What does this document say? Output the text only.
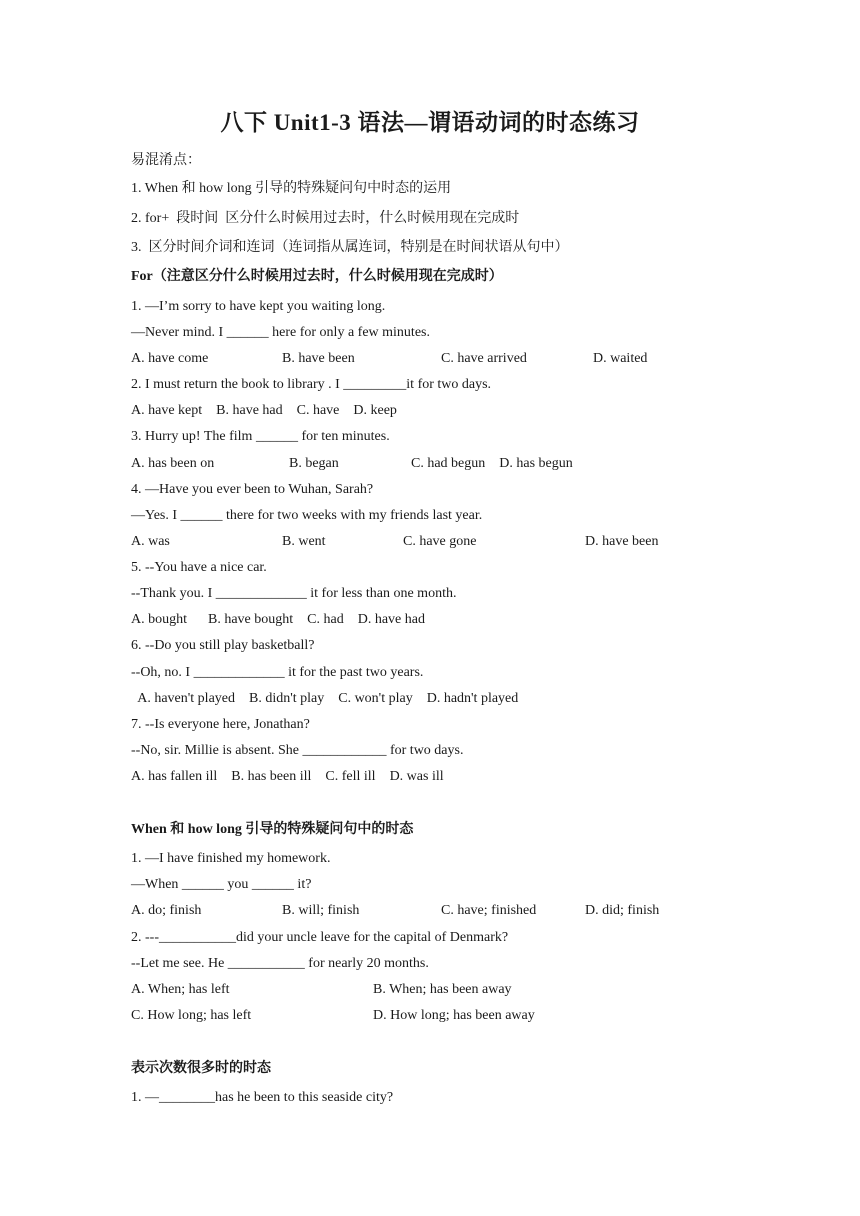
八下 Unit1-3 语法—谓语动词的时态练习
易混淆点：
1. When 和 how long 引导的特殊疑问句中时态的运用
2. for+  段时间  区分什么时候用过去时，什么时候用现在完成时
3.  区分时间介词和连词（连词指从属连词，特别是在时间状语从句中）
For（注意区分什么时候用过去时，什么时候用现在完成时）
1. —I’m sorry to have kept you waiting long.
—Never mind. I ______ here for only a few minutes.
A. have come	B. have been	C. have arrived	D. waited
2. I must return the book to library . I _________it for two days.
A. have kept    B. have had    C. have    D. keep
3. Hurry up! The film ______ for ten minutes.
A. has been on	B. began	C. had begun    D. has begun
4. —Have you ever been to Wuhan, Sarah?
—Yes. I ______ there for two weeks with my friends last year.
A. was	B. went	C. have gone	D. have been
5. --You have a nice car.
--Thank you. I _____________ it for less than one month.
A. bought      B. have bought    C. had    D. have had
6. --Do you still play basketball?
--Oh, no. I _____________ it for the past two years.
A. haven't played    B. didn't play    C. won't play    D. hadn't played
7. --Is everyone here, Jonathan?
--No, sir. Millie is absent. She ____________ for two days.
A. has fallen ill    B. has been ill    C. fell ill    D. was ill
When 和 how long 引导的特殊疑问句中的时态
1. —I have finished my homework.
—When ______ you ______ it?
A. do; finish	B. will; finish	C. have; finished	D. did; finish
2. ---___________did your uncle leave for the capital of Denmark?
--Let me see. He ___________ for nearly 20 months.
A. When; has left	B. When; has been away
C. How long; has left	D. How long; has been away
表示次数很多时的时态
1. —________has he been to this seaside city?
